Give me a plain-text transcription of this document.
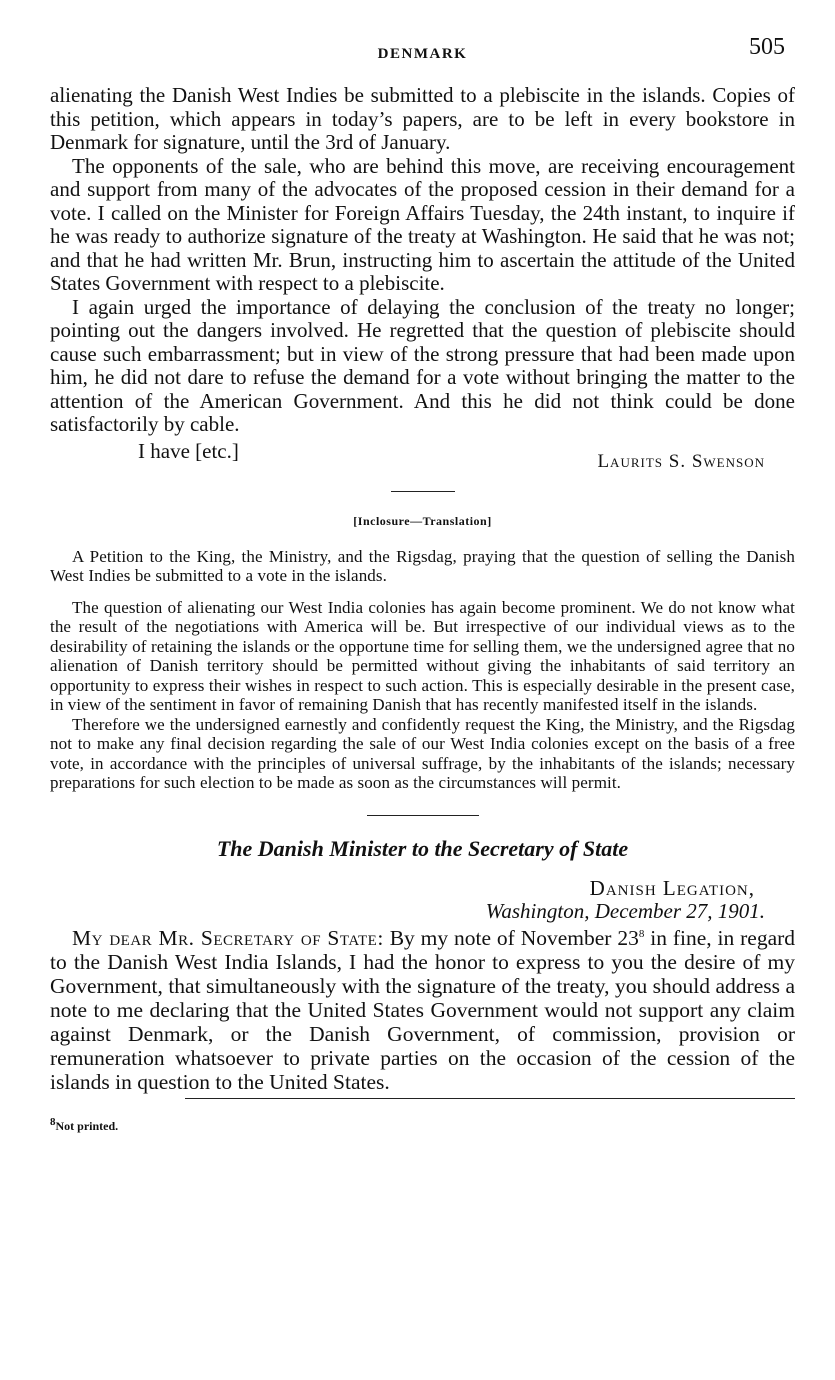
DENMARK	505

alienating the Danish West Indies be submitted to a plebiscite in the islands. Copies of this petition, which appears in today’s papers, are to be left in every bookstore in Denmark for signature, until the 3rd of January.

The opponents of the sale, who are behind this move, are receiving encouragement and support from many of the advocates of the proposed cession in their demand for a vote. I called on the Minister for Foreign Affairs Tuesday, the 24th instant, to inquire if he was ready to authorize signature of the treaty at Washington. He said that he was not; and that he had written Mr. Brun, instructing him to ascertain the attitude of the United States Government with respect to a plebiscite.

I again urged the importance of delaying the conclusion of the treaty no longer; pointing out the dangers involved. He regretted that the question of plebiscite should cause such embarrassment; but in view of the strong pressure that had been made upon him, he did not dare to refuse the demand for a vote without bringing the matter to the attention of the American Government. And this he did not think could be done satisfactorily by cable.

I have [etc.]	Laurits S. Swenson
[Inclosure—Translation]

A Petition to the King, the Ministry, and the Rigsdag, praying that the question of selling the Danish West Indies be submitted to a vote in the islands.

The question of alienating our West India colonies has again become prominent. We do not know what the result of the negotiations with America will be. But irrespective of our individual views as to the desirability of retaining the islands or the opportune time for selling them, we the undersigned agree that no alienation of Danish territory should be permitted without giving the inhabitants of said territory an opportunity to express their wishes in respect to such action. This is especially desirable in the present case, in view of the sentiment in favor of remaining Danish that has recently manifested itself in the islands.

Therefore we the undersigned earnestly and confidently request the King, the Ministry, and the Rigsdag not to make any final decision regarding the sale of our West India colonies except on the basis of a free vote, in accordance with the principles of universal suffrage, by the inhabitants of the islands; necessary preparations for such election to be made as soon as the circumstances will permit.

The Danish Minister to the Secretary of State
Danish Legation,
Washington, December 27, 1901.

My dear Mr. Secretary of State: By my note of November $23^8$ in fine, in regard to the Danish West India Islands, I had the honor to express to you the desire of my Government, that simultaneously with the signature of the treaty, you should address a note to me declaring that the United States Government would not support any claim against Denmark, or the Danish Government, of commission, provision or remuneration whatsoever to private parties on the occasion of the cession of the islands in question to the United States.

$^8$Not printed.
